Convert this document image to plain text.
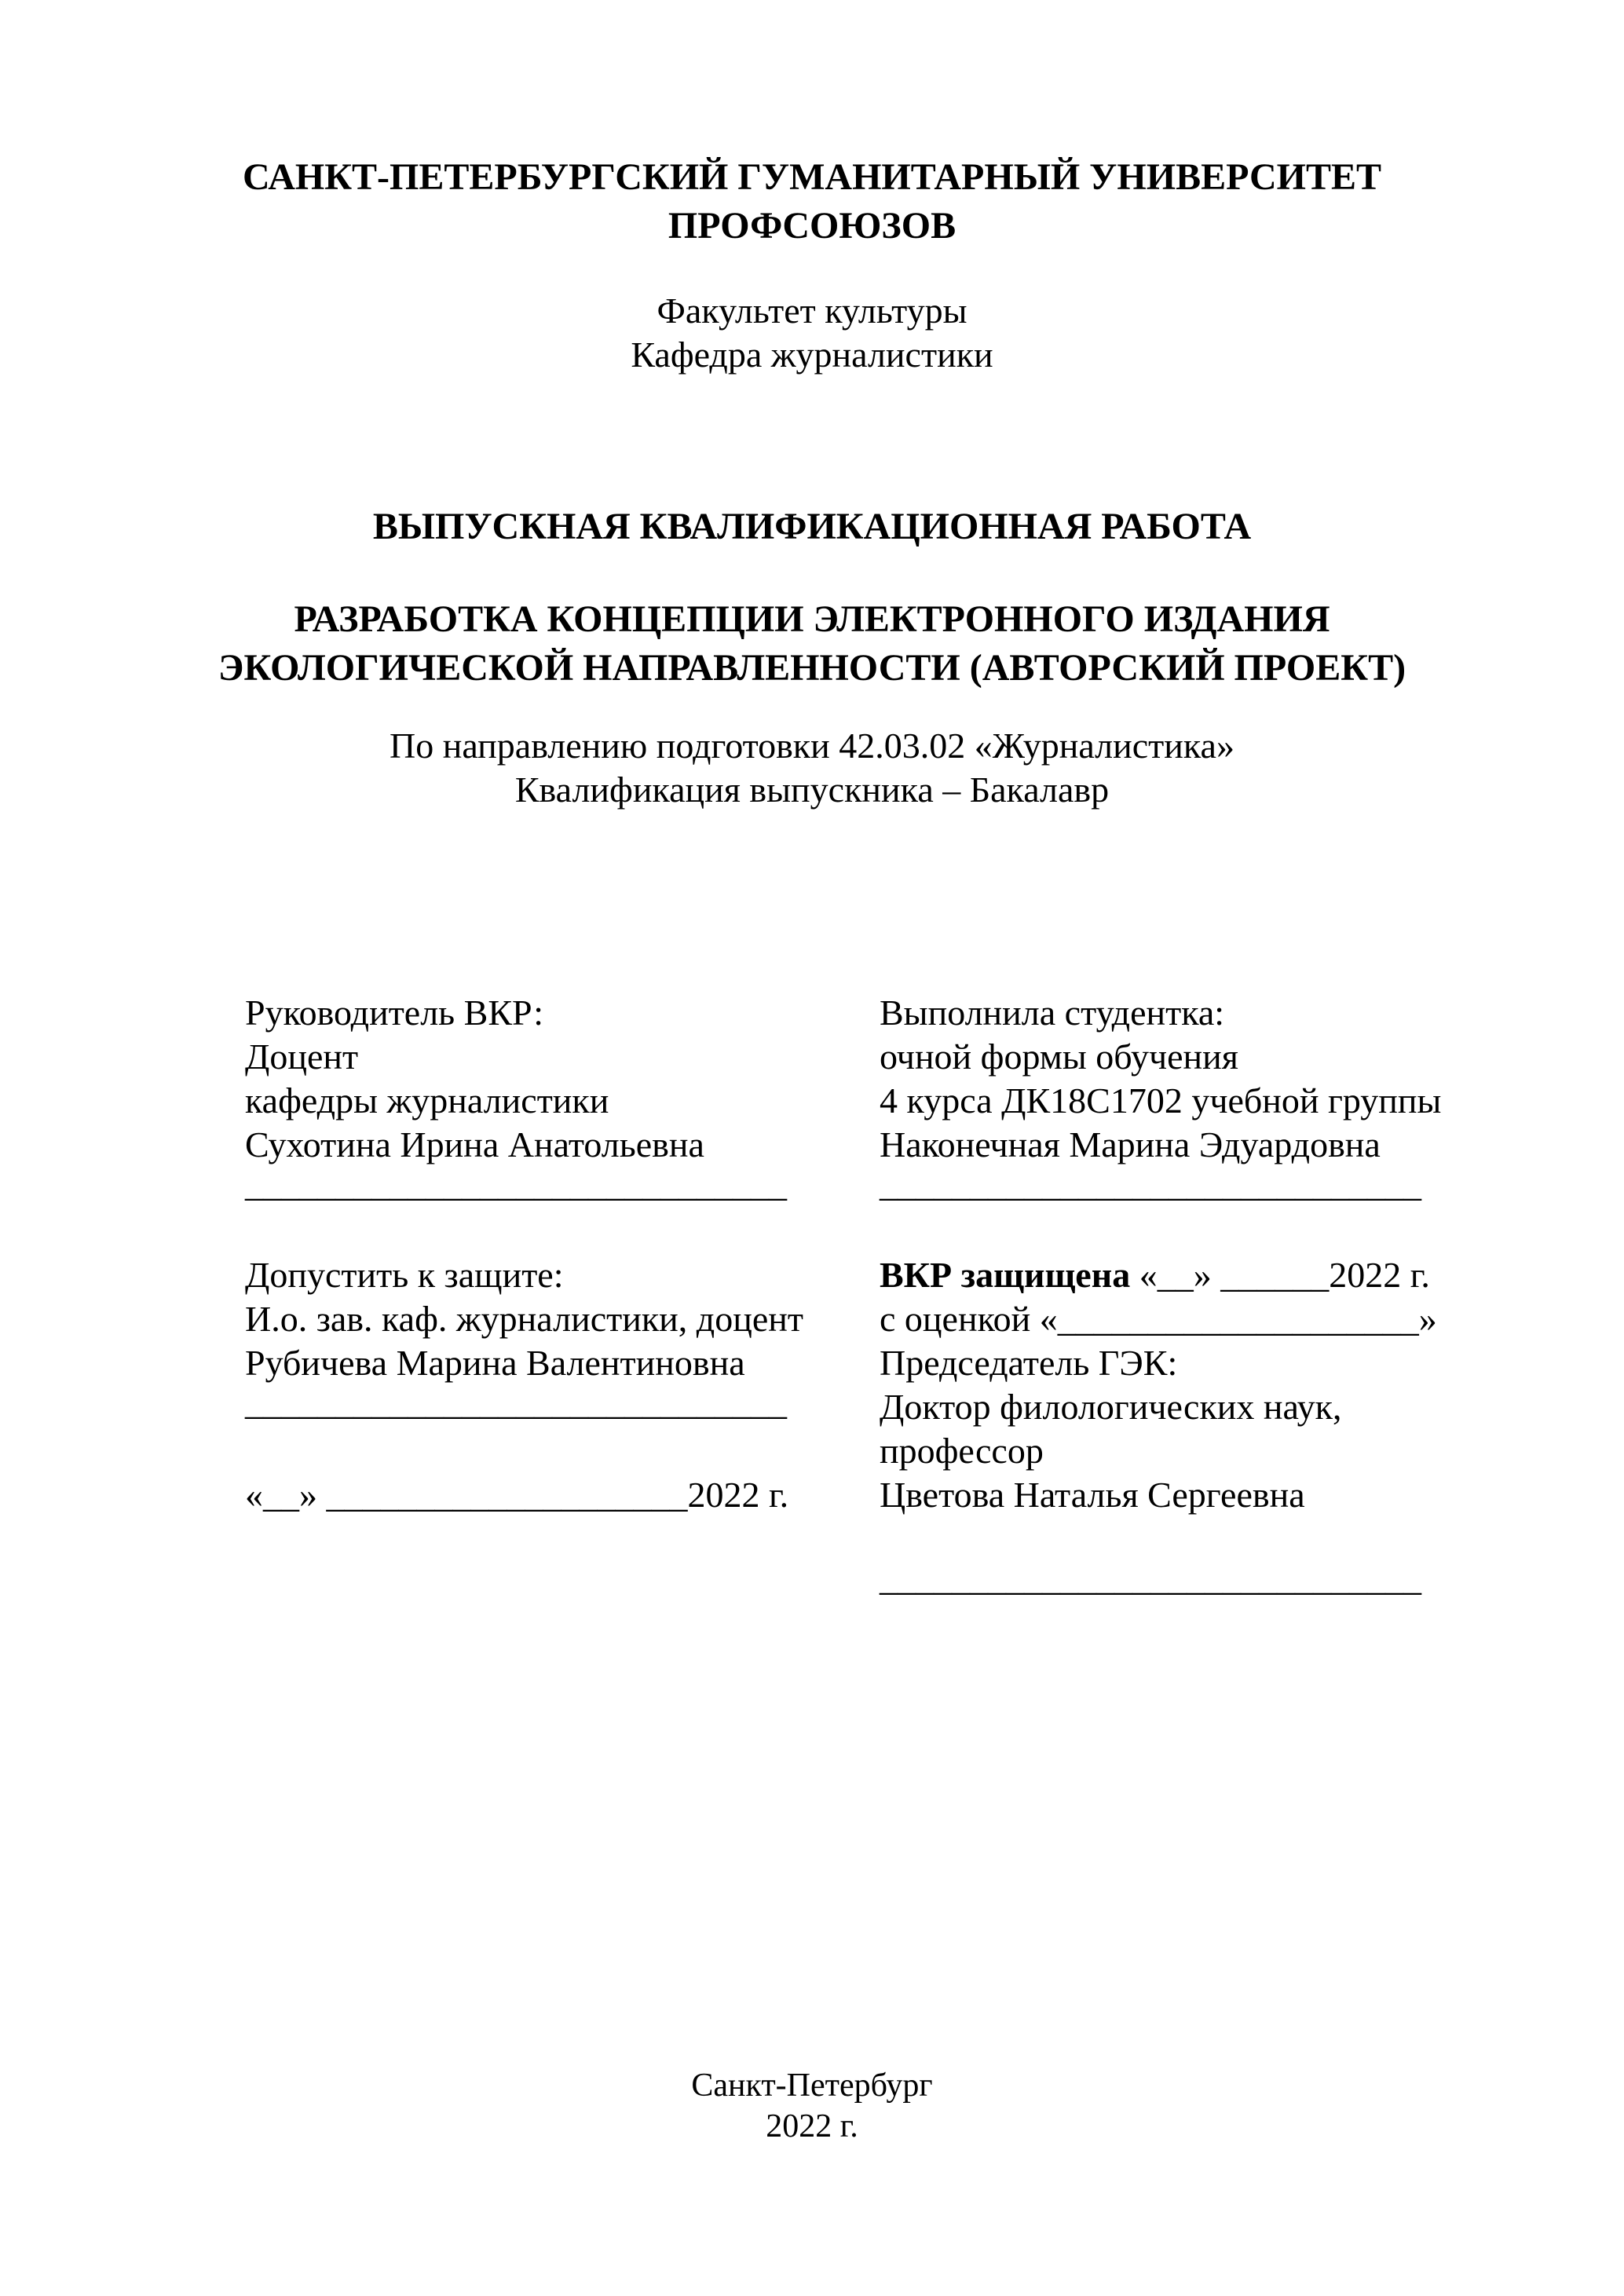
САНКТ-ПЕТЕРБУРГСКИЙ ГУМАНИТАРНЫЙ УНИВЕРСИТЕТ
ПРОФСОЮЗОВ
Факультет культуры
Кафедра журналистики
ВЫПУСКНАЯ КВАЛИФИКАЦИОННАЯ РАБОТА
РАЗРАБОТКА КОНЦЕПЦИИ ЭЛЕКТРОННОГО ИЗДАНИЯ
ЭКОЛОГИЧЕСКОЙ НАПРАВЛЕННОСТИ (АВТОРСКИЙ ПРОЕКТ)
По направлению подготовки 42.03.02 «Журналистика»
Квалификация выпускника – Бакалавр
Руководитель ВКР:
Доцент
кафедры журналистики
Сухотина Ирина Анатольевна
______________________________
Выполнила студентка:
очной формы обучения
4 курса ДК18С1702 учебной группы
Наконечная Марина Эдуардовна
______________________________
Допустить к защите:
И.о. зав. каф. журналистики, доцент
Рубичева Марина Валентиновна
______________________________
«__» ____________________2022 г.
ВКР защищена «__» ______2022 г.
с оценкой «____________________»
Председатель ГЭК:
Доктор филологических наук,
профессор
Цветова Наталья Сергеевна
______________________________
Санкт-Петербург
2022 г.
